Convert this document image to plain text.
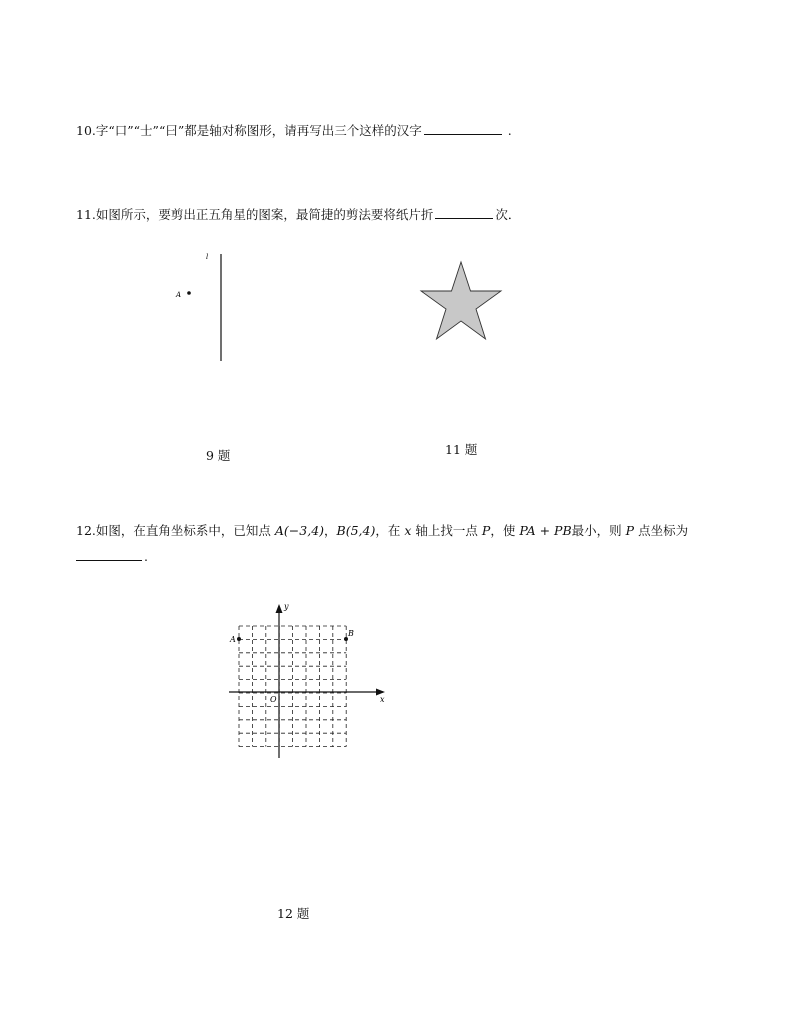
10.字“口”“士”“曰”都是轴对称图形，请再写出三个这样的汉字	.
11.如图所示，要剪出正五角星的图案，最简捷的剪法要将纸片折	次．
l
A
9 题	11 题
12.如图，在直角坐标系中，已知点 A(−3,4)，B(5,4)，在 x 轴上找一点 P，使 PA + PB最小，则 P 点坐标为
.
y
x
O
A
B
12 题
